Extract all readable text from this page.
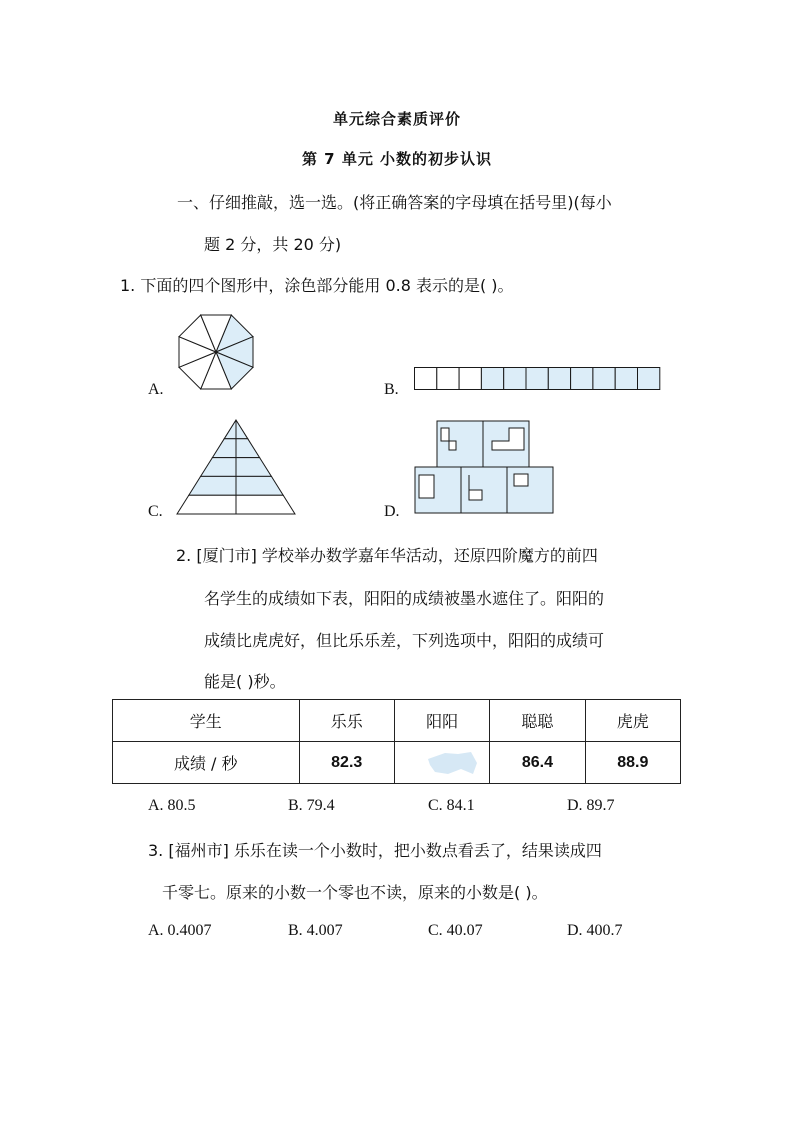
单元综合素质评价
第 7 单元 小数的初步认识
一、仔细推敲，选一选。(将正确答案的字母填在括号里)(每小
题 2 分，共 20 分)
1. 下面的四个图形中，涂色部分能用 0.8 表示的是( )。
A.	B.
C.	D.
2. [厦门市] 学校举办数学嘉年华活动，还原四阶魔方的前四
名学生的成绩如下表，阳阳的成绩被墨水遮住了。阳阳的
成绩比虎虎好，但比乐乐差，下列选项中，阳阳的成绩可
能是( )秒。
学生	乐乐	阳阳	聪聪	虎虎
成绩 / 秒	82.3		86.4	88.9
A. 80.5	B. 79.4	C. 84.1	D. 89.7
3. [福州市] 乐乐在读一个小数时，把小数点看丢了，结果读成四
千零七。原来的小数一个零也不读，原来的小数是( )。
A. 0.4007	B. 4.007	C. 40.07	D. 400.7
